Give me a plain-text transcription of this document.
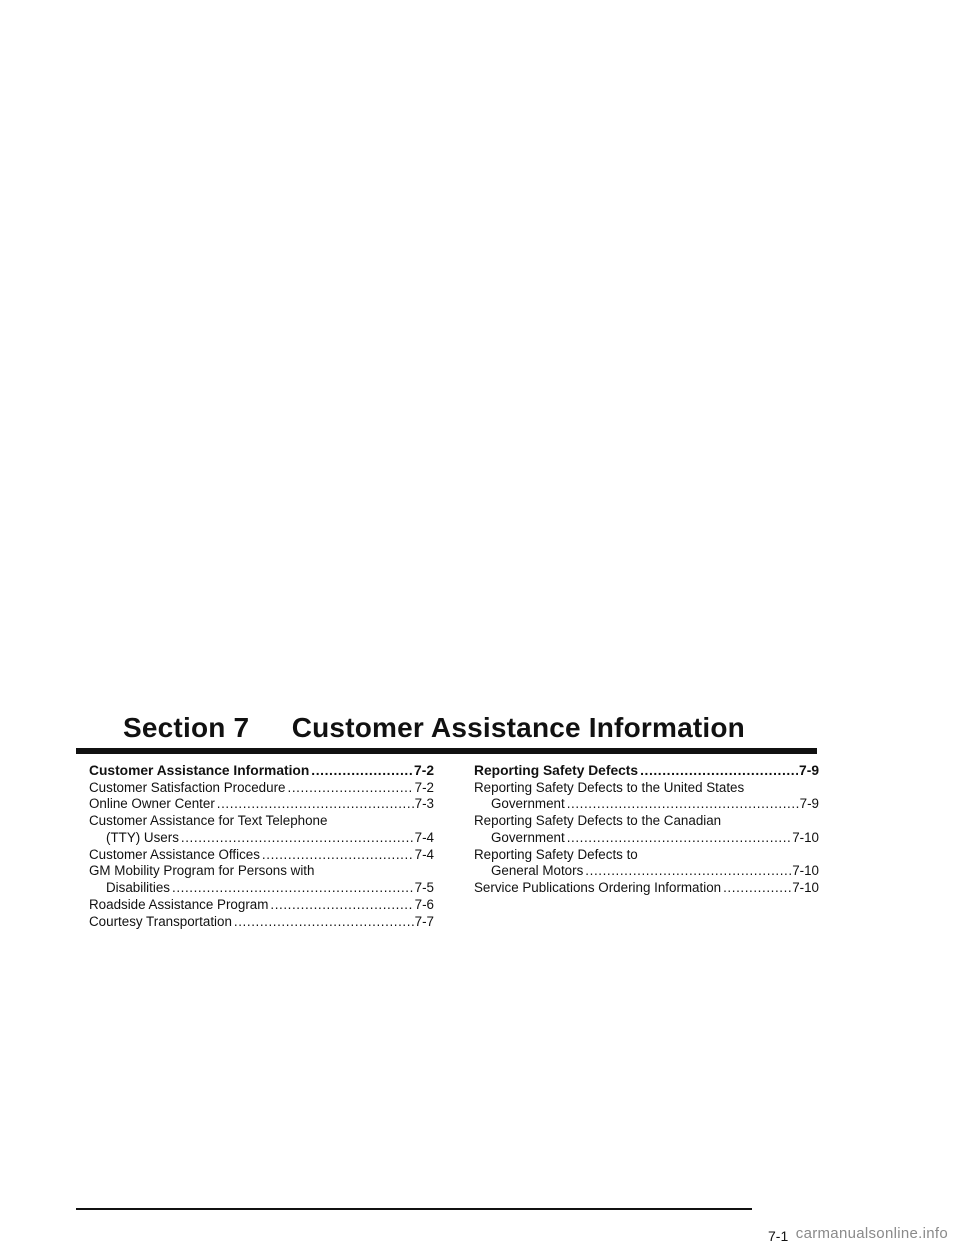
Section 7  Customer Assistance Information
Customer Assistance Information .....	7-2
Customer Satisfaction Procedure .....	7-2
Online Owner Center .....	7-3
Customer Assistance for Text Telephone
(TTY) Users .....	7-4
Customer Assistance Offices .....	7-4
GM Mobility Program for Persons with
Disabilities .....	7-5
Roadside Assistance Program .....	7-6
Courtesy Transportation .....	7-7
Reporting Safety Defects .....	7-9
Reporting Safety Defects to the United States
Government .....	7-9
Reporting Safety Defects to the Canadian
Government .....	7-10
Reporting Safety Defects to
General Motors .....	7-10
Service Publications Ordering Information .....	7-10
7-1 carmanualsonline.info
